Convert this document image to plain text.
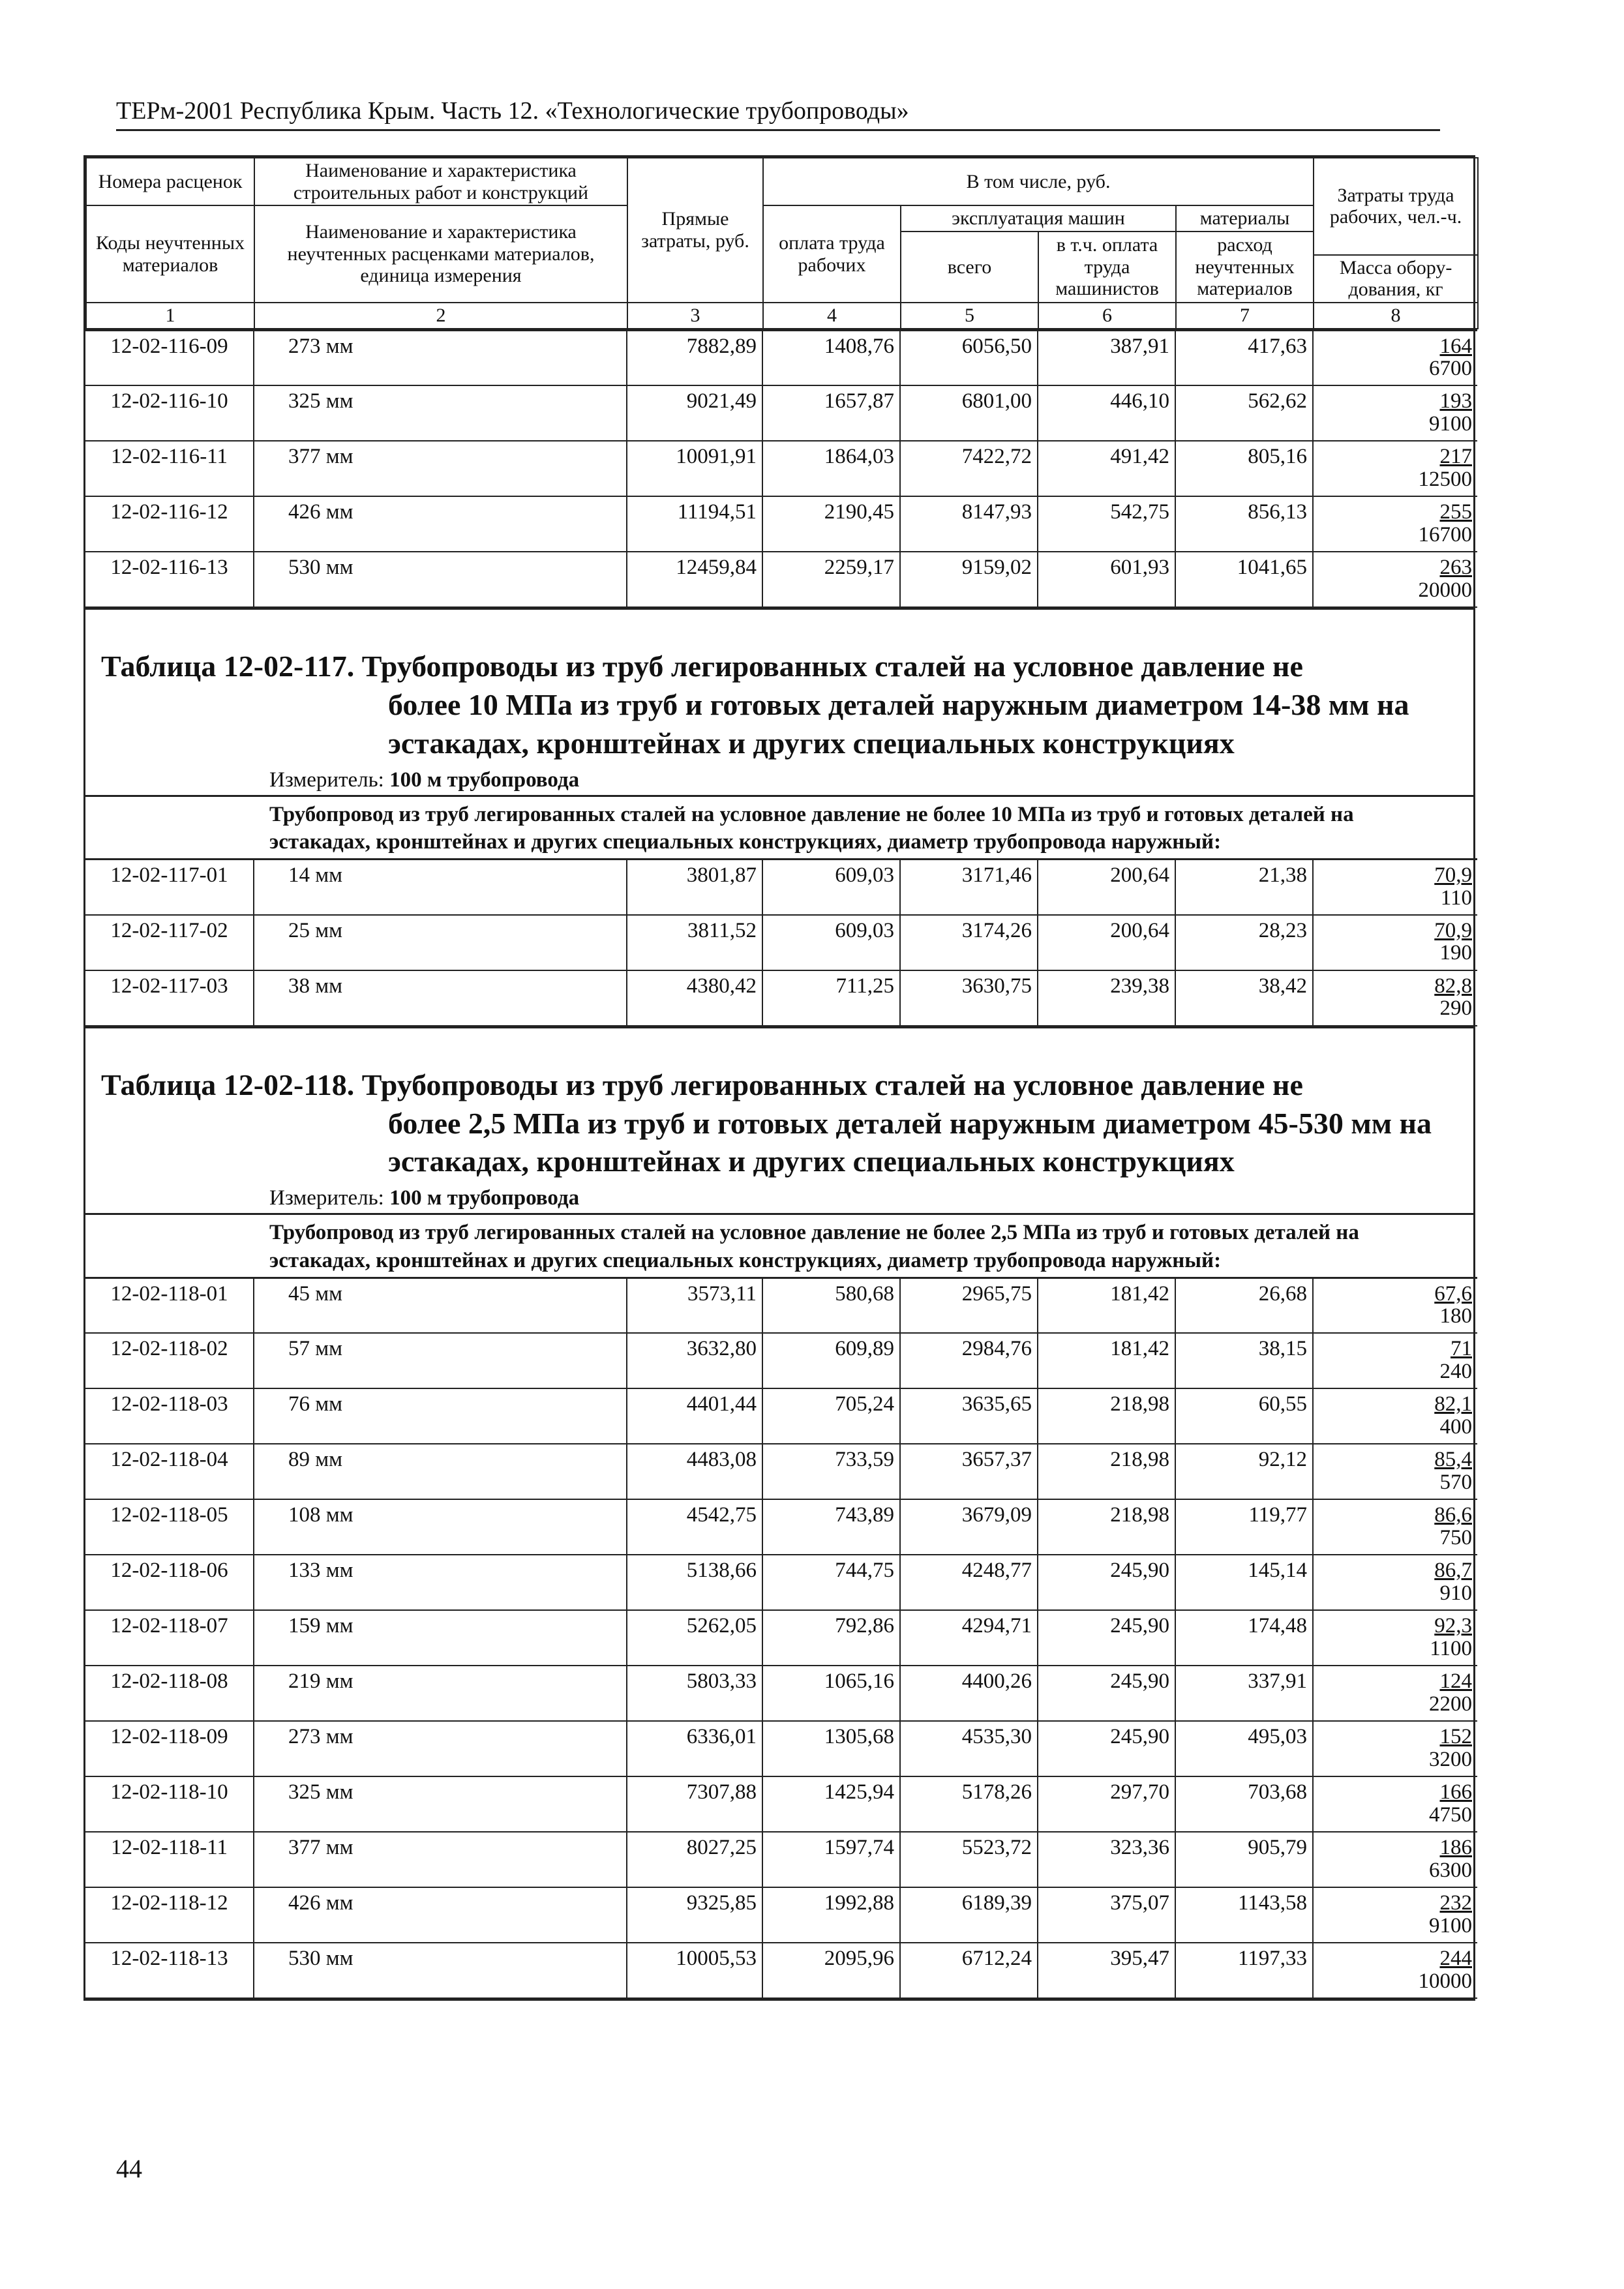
ТЕРм-2001 Республика Крым. Часть 12. «Технологические трубопроводы»
Номера расценок	Наименование и характеристика строительных работ и конструкций	Прямые затраты, руб.	В том числе, руб.				Затраты труда рабочих, чел.-ч.
Коды неучтенных материалов	Наименование и характеристика неучтенных расценками материалов, единица измерения		оплата труда рабочих	эксплуатация машин		материалы	
				всего	в т.ч. оплата труда машинистов	расход неучтенных материалов	
							Масса обору-дования, кг
1	2	3	4	5	6	7	8
12-02-116-09	273 мм	7882,89	1408,76	6056,50	387,91	417,63	164
6700

12-02-116-10	325 мм	9021,49	1657,87	6801,00	446,10	562,62	193
9100

12-02-116-11	377 мм	10091,91	1864,03	7422,72	491,42	805,16	217
12500

12-02-116-12	426 мм	11194,51	2190,45	8147,93	542,75	856,13	255
16700

12-02-116-13	530 мм	12459,84	2259,17	9159,02	601,93	1041,65	263
20000
Таблица 12-02-117. Трубопроводы из труб легированных сталей на условное давление не
более 10 МПа из труб и готовых деталей наружным диаметром 14-38 мм на эстакадах, кронштейнах и других специальных конструкциях
Измеритель: 100 м трубопровода
Трубопровод из труб легированных сталей на условное давление не более 10 МПа из труб и готовых деталей на эстакадах, кронштейнах и других специальных конструкциях, диаметр трубопровода наружный:
12-02-117-01	14 мм	3801,87	609,03	3171,46	200,64	21,38	70,9
110

12-02-117-02	25 мм	3811,52	609,03	3174,26	200,64	28,23	70,9
190

12-02-117-03	38 мм	4380,42	711,25	3630,75	239,38	38,42	82,8
290
Таблица 12-02-118. Трубопроводы из труб легированных сталей на условное давление не
более 2,5 МПа из труб и готовых деталей наружным диаметром 45-530 мм на эстакадах, кронштейнах и других специальных конструкциях
Измеритель: 100 м трубопровода
Трубопровод из труб легированных сталей на условное давление не более 2,5 МПа из труб и готовых деталей на эстакадах, кронштейнах и других специальных конструкциях, диаметр трубопровода наружный:
12-02-118-01	45 мм	3573,11	580,68	2965,75	181,42	26,68	67,6
180

12-02-118-02	57 мм	3632,80	609,89	2984,76	181,42	38,15	71
240

12-02-118-03	76 мм	4401,44	705,24	3635,65	218,98	60,55	82,1
400

12-02-118-04	89 мм	4483,08	733,59	3657,37	218,98	92,12	85,4
570

12-02-118-05	108 мм	4542,75	743,89	3679,09	218,98	119,77	86,6
750

12-02-118-06	133 мм	5138,66	744,75	4248,77	245,90	145,14	86,7
910

12-02-118-07	159 мм	5262,05	792,86	4294,71	245,90	174,48	92,3
1100

12-02-118-08	219 мм	5803,33	1065,16	4400,26	245,90	337,91	124
2200

12-02-118-09	273 мм	6336,01	1305,68	4535,30	245,90	495,03	152
3200

12-02-118-10	325 мм	7307,88	1425,94	5178,26	297,70	703,68	166
4750

12-02-118-11	377 мм	8027,25	1597,74	5523,72	323,36	905,79	186
6300

12-02-118-12	426 мм	9325,85	1992,88	6189,39	375,07	1143,58	232
9100

12-02-118-13	530 мм	10005,53	2095,96	6712,24	395,47	1197,33	244
10000
44
